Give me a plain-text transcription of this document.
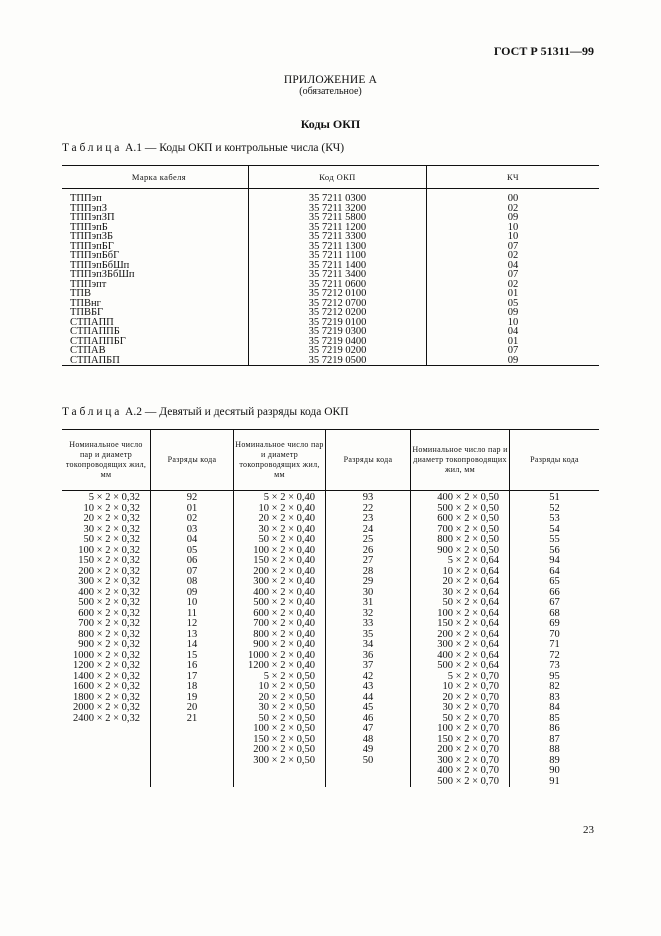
ГОСТ Р 51311—99
ПРИЛОЖЕНИЕ А
(обязательное)
Коды ОКП
Таблица А.1 — Коды ОКП и контрольные числа (КЧ)
Марка кабеля	Код ОКП	КЧ
ТППэп	35 7211 0300	00
ТППэпЗ	35 7211 3200	02
ТППэпЗП	35 7211 5800	09
ТППэпБ	35 7211 1200	10
ТППэпЗБ	35 7211 3300	10
ТППэпБГ	35 7211 1300	07
ТППэпБбГ	35 7211 1100	02
ТППэпБбШп	35 7211 1400	04
ТППэпЗБбШп	35 7211 3400	07
ТППэпт	35 7211 0600	02
ТПВ	35 7212 0100	01
ТПВнг	35 7212 0700	05
ТПВБГ	35 7212 0200	09
СТПАПП	35 7219 0100	10
СТПАППБ	35 7219 0300	04
СТПАППБГ	35 7219 0400	01
СТПАВ	35 7219 0200	07
СТПАПБП	35 7219 0500	09
Таблица А.2 — Девятый и десятый разряды кода ОКП
Номинальное число пар и диаметр токопроводящих жил, мм	Разряды кода	Номинальное число пар и диаметр токопроводящих жил, мм	Разряды кода	Номинальное число пар и диаметр токопроводящих жил, мм	Разряды кода
5 × 2 × 0,32	92	5 × 2 × 0,40	93	400 × 2 × 0,50	51
10 × 2 × 0,32	01	10 × 2 × 0,40	22	500 × 2 × 0,50	52
20 × 2 × 0,32	02	20 × 2 × 0,40	23	600 × 2 × 0,50	53
30 × 2 × 0,32	03	30 × 2 × 0,40	24	700 × 2 × 0,50	54
50 × 2 × 0,32	04	50 × 2 × 0,40	25	800 × 2 × 0,50	55
100 × 2 × 0,32	05	100 × 2 × 0,40	26	900 × 2 × 0,50	56
150 × 2 × 0,32	06	150 × 2 × 0,40	27	5 × 2 × 0,64	94
200 × 2 × 0,32	07	200 × 2 × 0,40	28	10 × 2 × 0,64	64
300 × 2 × 0,32	08	300 × 2 × 0,40	29	20 × 2 × 0,64	65
400 × 2 × 0,32	09	400 × 2 × 0,40	30	30 × 2 × 0,64	66
500 × 2 × 0,32	10	500 × 2 × 0,40	31	50 × 2 × 0,64	67
600 × 2 × 0,32	11	600 × 2 × 0,40	32	100 × 2 × 0,64	68
700 × 2 × 0,32	12	700 × 2 × 0,40	33	150 × 2 × 0,64	69
800 × 2 × 0,32	13	800 × 2 × 0,40	35	200 × 2 × 0,64	70
900 × 2 × 0,32	14	900 × 2 × 0,40	34	300 × 2 × 0,64	71
1000 × 2 × 0,32	15	1000 × 2 × 0,40	36	400 × 2 × 0,64	72
1200 × 2 × 0,32	16	1200 × 2 × 0,40	37	500 × 2 × 0,64	73
1400 × 2 × 0,32	17	5 × 2 × 0,50	42	5 × 2 × 0,70	95
1600 × 2 × 0,32	18	10 × 2 × 0,50	43	10 × 2 × 0,70	82
1800 × 2 × 0,32	19	20 × 2 × 0,50	44	20 × 2 × 0,70	83
2000 × 2 × 0,32	20	30 × 2 × 0,50	45	30 × 2 × 0,70	84
2400 × 2 × 0,32	21	50 × 2 × 0,50	46	50 × 2 × 0,70	85
		100 × 2 × 0,50	47	100 × 2 × 0,70	86
		150 × 2 × 0,50	48	150 × 2 × 0,70	87
		200 × 2 × 0,50	49	200 × 2 × 0,70	88
		300 × 2 × 0,50	50	300 × 2 × 0,70	89
				400 × 2 × 0,70	90
				500 × 2 × 0,70	91
23
